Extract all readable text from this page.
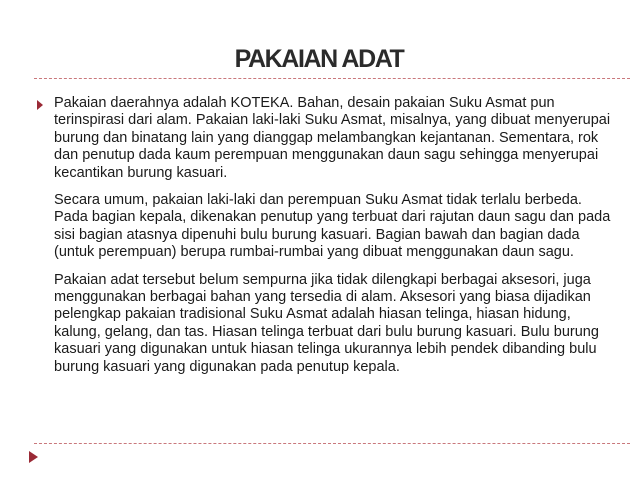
PAKAIAN ADAT

Pakaian daerahnya adalah KOTEKA. Bahan, desain pakaian Suku Asmat pun terinspirasi dari alam. Pakaian laki-laki Suku Asmat, misalnya, yang dibuat menyerupai burung dan binatang lain yang dianggap melambangkan kejantanan. Sementara, rok dan penutup dada kaum perempuan menggunakan daun sagu sehingga menyerupai kecantikan burung kasuari.

Secara umum, pakaian laki-laki dan perempuan Suku Asmat tidak terlalu berbeda. Pada bagian kepala, dikenakan penutup yang terbuat dari rajutan daun sagu dan pada sisi bagian atasnya dipenuhi bulu burung kasuari. Bagian bawah dan bagian dada (untuk perempuan) berupa rumbai-rumbai yang dibuat menggunakan daun sagu.

Pakaian adat tersebut belum sempurna jika tidak dilengkapi berbagai aksesori, juga menggunakan berbagai bahan yang tersedia di alam. Aksesori yang biasa dijadikan pelengkap pakaian tradisional Suku Asmat adalah hiasan telinga, hiasan hidung, kalung, gelang, dan tas. Hiasan telinga terbuat dari bulu burung kasuari. Bulu burung kasuari yang digunakan untuk hiasan telinga ukurannya lebih pendek dibanding bulu burung kasuari yang digunakan pada penutup kepala.
